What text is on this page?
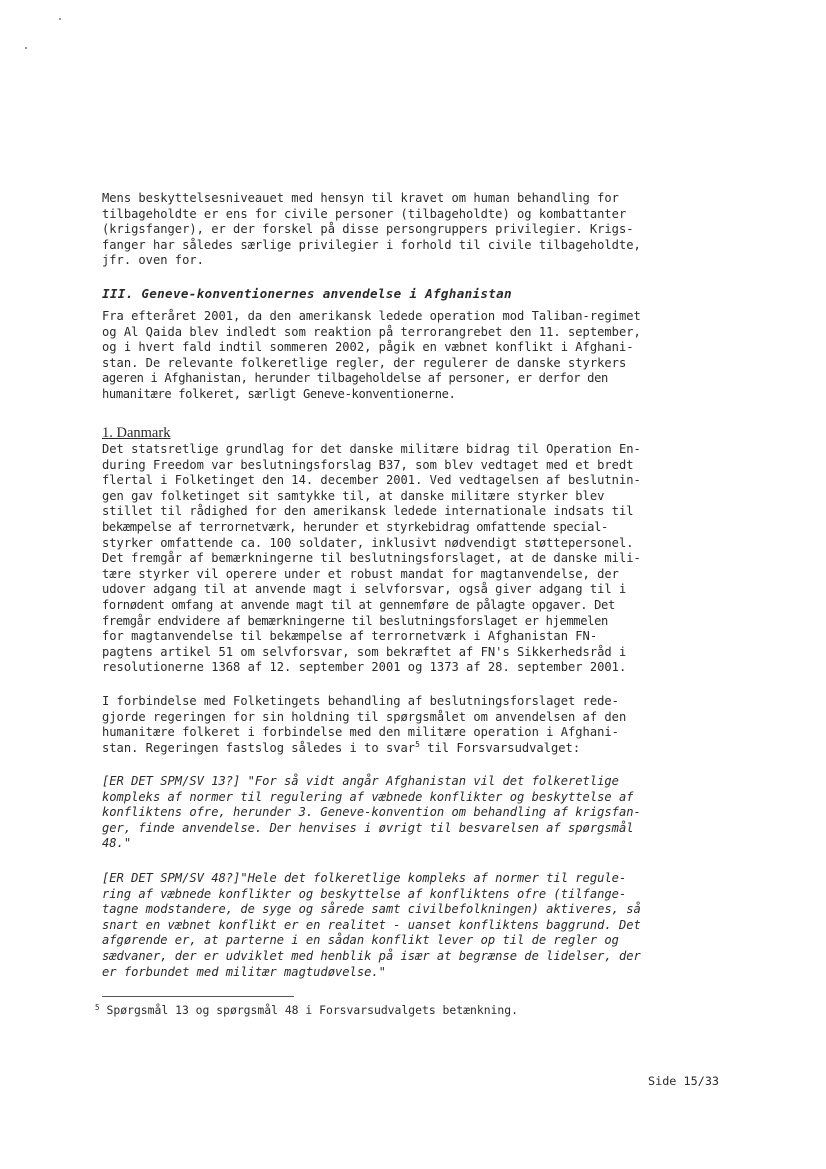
Mens beskyttelsesniveauet med hensyn til kravet om human behandling for
tilbageholdte er ens for civile personer (tilbageholdte) og kombattanter
(krigsfanger), er der forskel på disse persongruppers privilegier. Krigs-
fanger har således særlige privilegier i forhold til civile tilbageholdte,
jfr. oven for.
III. Geneve-konventionernes anvendelse i Afghanistan
Fra efteråret 2001, da den amerikansk ledede operation mod Taliban-regimet
og Al Qaida blev indledt som reaktion på terrorangrebet den 11. september,
og i hvert fald indtil sommeren 2002, pågik en væbnet konflikt i Afghani-
stan. De relevante folkeretlige regler, der regulerer de danske styrkers
ageren i Afghanistan, herunder tilbageholdelse af personer, er derfor den
humanitære folkeret, særligt Geneve-konventionerne.
1. Danmark
Det statsretlige grundlag for det danske militære bidrag til Operation En-
during Freedom var beslutningsforslag B37, som blev vedtaget med et bredt
flertal i Folketinget den 14. december 2001. Ved vedtagelsen af beslutnin-
gen gav folketinget sit samtykke til, at danske militære styrker blev
stillet til rådighed for den amerikansk ledede internationale indsats til
bekæmpelse af terrornetværk, herunder et styrkebidrag omfattende special-
styrker omfattende ca. 100 soldater, inklusivt nødvendigt støttepersonel.
Det fremgår af bemærkningerne til beslutningsforslaget, at de danske mili-
tære styrker vil operere under et robust mandat for magtanvendelse, der
udover adgang til at anvende magt i selvforsvar, også giver adgang til i
fornødent omfang at anvende magt til at gennemføre de pålagte opgaver. Det
fremgår endvidere af bemærkningerne til beslutningsforslaget er hjemmelen
for magtanvendelse til bekæmpelse af terrornetværk i Afghanistan FN-
pagtens artikel 51 om selvforsvar, som bekræftet af FN's Sikkerhedsråd i
resolutionerne 1368 af 12. september 2001 og 1373 af 28. september 2001.
I forbindelse med Folketingets behandling af beslutningsforslaget rede-
gjorde regeringen for sin holdning til spørgsmålet om anvendelsen af den
humanitære folkeret i forbindelse med den militære operation i Afghani-
stan. Regeringen fastslog således i to svar$^5$ til Forsvarsudvalget:
[ER DET SPM/SV 13?] "For så vidt angår Afghanistan vil det folkeretlige
kompleks af normer til regulering af væbnede konflikter og beskyttelse af
konfliktens ofre, herunder 3. Geneve-konvention om behandling af krigsfan-
ger, finde anvendelse. Der henvises i øvrigt til besvarelsen af spørgsmål
48."
[ER DET SPM/SV 48?]"Hele det folkeretlige kompleks af normer til regule-
ring af væbnede konflikter og beskyttelse af konfliktens ofre (tilfange-
tagne modstandere, de syge og sårede samt civilbefolkningen) aktiveres, så
snart en væbnet konflikt er en realitet - uanset konfliktens baggrund. Det
afgørende er, at parterne i en sådan konflikt lever op til de regler og
sædvaner, der er udviklet med henblik på især at begrænse de lidelser, der
er forbundet med militær magtudøvelse."
$^5$ Spørgsmål 13 og spørgsmål 48 i Forsvarsudvalgets betænkning.
Side 15/33
